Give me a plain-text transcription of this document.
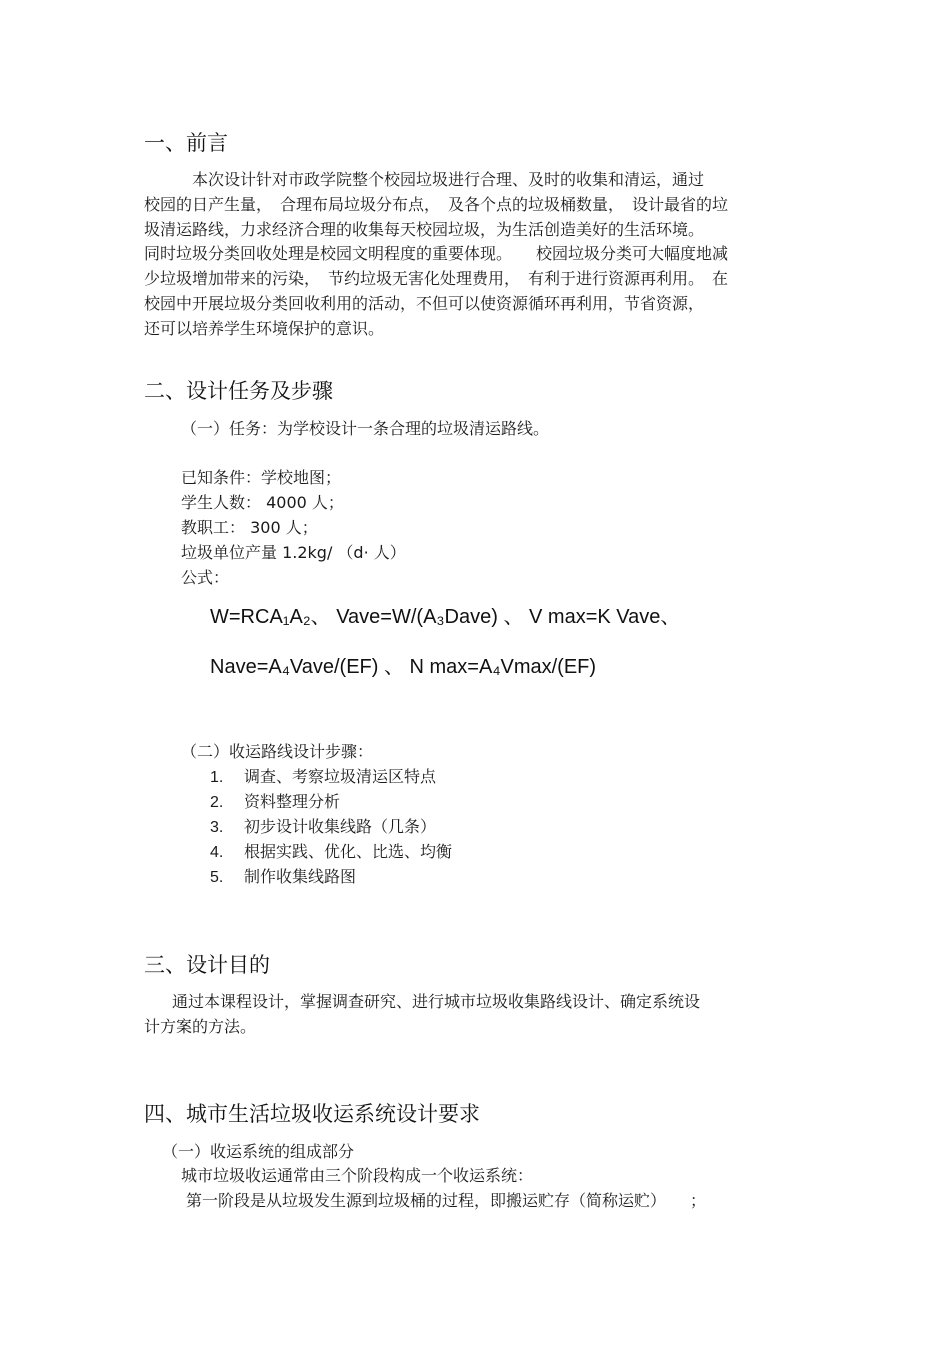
一、前言
本次设计针对市政学院整个校园垃圾进行合理、及时的收集和清运，通过
校园的日产生量，　合理布局垃圾分布点，　及各个点的垃圾桶数量，　设计最省的垃
圾清运路线，力求经济合理的收集每天校园垃圾，为生活创造美好的生活环境。
同时垃圾分类回收处理是校园文明程度的重要体现。　　校园垃圾分类可大幅度地减
少垃圾增加带来的污染，　节约垃圾无害化处理费用，　有利于进行资源再利用。　在
校园中开展垃圾分类回收利用的活动，不但可以使资源循环再利用，节省资源，
还可以培养学生环境保护的意识。
二、设计任务及步骤
（一）任务：为学校设计一条合理的垃圾清运路线。
已知条件：学校地图；
学生人数： 4000 人；
教职工： 300 人；
垃圾单位产量 1.2kg/ （d· 人）
公式：
W=RCA₁A₂、 Vave=W/(A₃Dave) 、 V max=K Vave、
Nave=A₄Vave/(EF) 、 N max=A₄Vmax/(EF)
（二）收运路线设计步骤：
1. 调查、考察垃圾清运区特点
2. 资料整理分析
3. 初步设计收集线路（几条）
4. 根据实践、优化、比选、均衡
5. 制作收集线路图
三、设计目的
通过本课程设计，掌握调查研究、进行城市垃圾收集路线设计、确定系统设
计方案的方法。
四、城市生活垃圾收运系统设计要求
（一）收运系统的组成部分
城市垃圾收运通常由三个阶段构成一个收运系统：
第一阶段是从垃圾发生源到垃圾桶的过程，即搬运贮存（简称运贮）　　；
